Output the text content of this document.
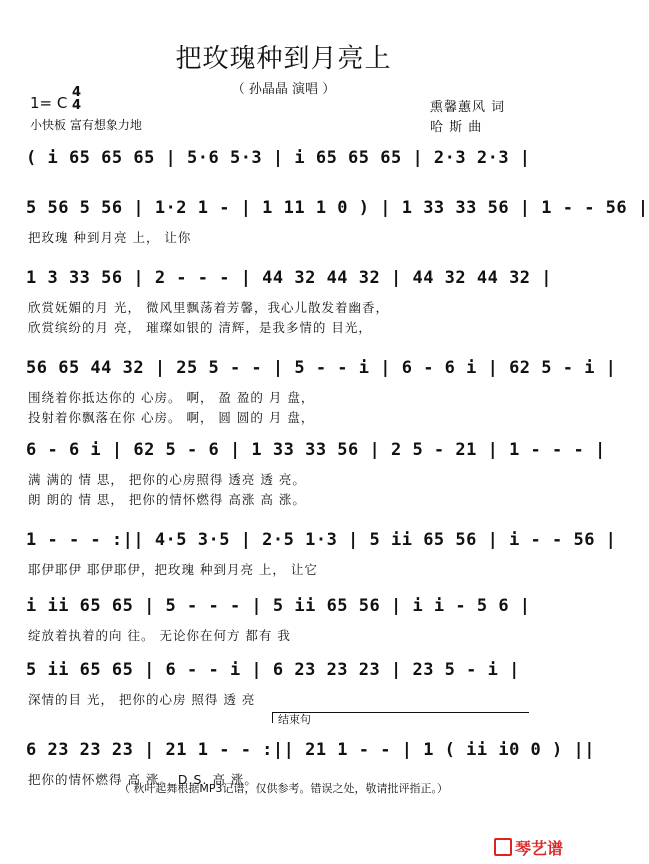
把玫瑰种到月亮上
（ 孙晶晶 演唱 ）
1= C
4
4
小快板 富有想象力地
熏馨蕙风 词
哈 斯 曲
( i 65 65 65 | 5·6 5·3 | i 65 65 65 | 2·3 2·3 |
5 56 5 56 | 1·2 1 - | 1 11 1 0 ) | 1 33 33 56 | 1 - - 56 |
把玫瑰 种到月亮 上， 让你
1 3 33 56 | 2 - - - | 44 32 44 32 | 44 32 44 32 |
欣赏妩媚的月 光， 微风里飘荡着芳馨，我心儿散发着幽香，
欣赏缤纷的月 亮， 璀璨如银的 清辉，是我多情的 目光，
56 65 44 32 | 25 5 - - | 5 - - i | 6 - 6 i | 62 5 - i |
围绕着你抵达你的 心房。 啊， 盈 盈的 月 盘，
投射着你飘落在你 心房。 啊， 圆 圆的 月 盘，
6 - 6 i | 62 5 - 6 | 1 33 33 56 | 2 5 - 21 | 1 - - - |
满 满的 情 思， 把你的心房照得 透亮 透 亮。
朗 朗的 情 思， 把你的情怀燃得 高涨 高 涨。
1 - - - :|| 4·5 3·5 | 2·5 1·3 | 5 ii 65 56 | i - - 56 |
耶伊耶伊 耶伊耶伊，把玫瑰 种到月亮 上， 让它
i ii 65 65 | 5 - - - | 5 ii 65 56 | i i - 5 6 |
绽放着执着的向 往。 无论你在何方 都有 我
5 ii 65 65 | 6 - - i | 6 23 23 23 | 23 5 - i |
深情的目 光， 把你的心房 照得 透 亮
6 23 23 23 | 21 1 - - :|| 21 1 - - | 1 ( ii i0 0 ) ||
把你的情怀燃得 高 涨。 D.S. 高 涨。
结束句
（ 秋叶起舞根据MP3记谱，仅供参考。错误之处，敬请批评指正。）
琴艺谱
